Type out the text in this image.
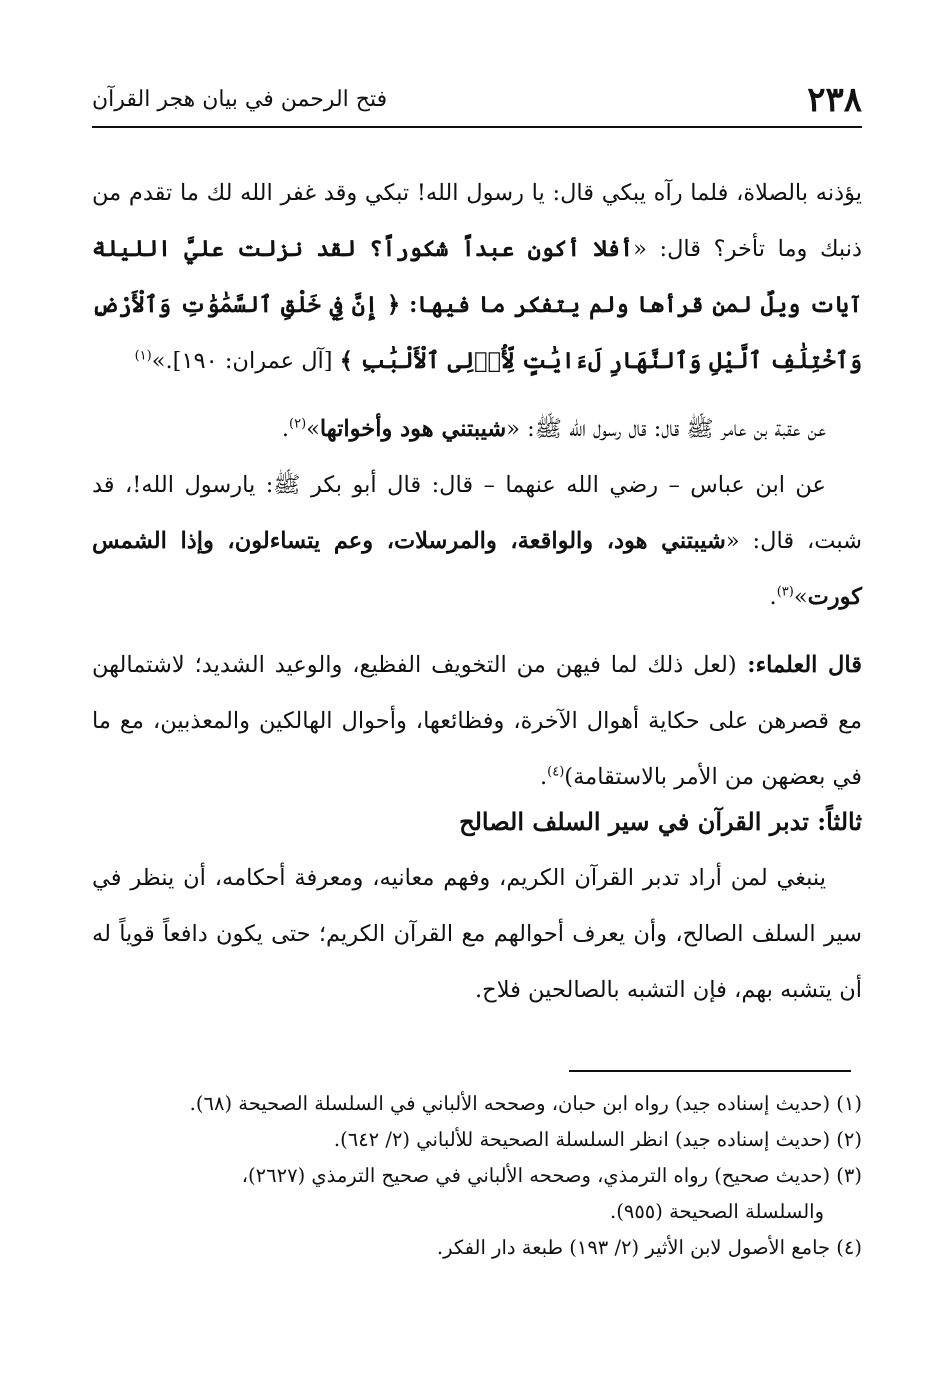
٢٣٨
فتح الرحمن في بيان هجر القرآن

يؤذنه بالصلاة، فلما رآه يبكي قال: يا رسول الله! تبكي وقد غفر الله لك ما تقدم من ذنبك وما تأخر؟ قال: «أفلا أكون عبداً شكوراً؟ لقد نزلت عليَّ الليلة آيات ويلٌ لمن قرأها ولم يتفكر ما فيها: ﴿ إِنَّ فِي خَلْقِ ٱلسَّمَٰوَٰتِ وَٱلْأَرْضِ وَٱخْتِلَٰفِ ٱلَّيْلِ وَٱلنَّهَارِ لَءَايَٰتٍ لِّأُو۟لِى ٱلْأَلْبَٰبِ ﴾ [آل عمران: ١٩٠].»$^{(١)}$

عن عقبة بن عامر ﷺ قال: قال رسول الله ﷺ: «شيبتني هود وأخواتها»$^{(٢)}$.

عن ابن عباس – رضي الله عنهما – قال: قال أبو بكر ﷺ: يارسول الله!، قد شبت، قال: «شيبتني هود، والواقعة، والمرسلات، وعم يتساءلون، وإذا الشمس كورت»$^{(٣)}$.

قال العلماء: (لعل ذلك لما فيهن من التخويف الفظيع، والوعيد الشديد؛ لاشتمالهن مع قصرهن على حكاية أهوال الآخرة، وفظائعها، وأحوال الهالكين والمعذبين، مع ما في بعضهن من الأمر بالاستقامة)$^{(٤)}$.

ثالثاً: تدبر القرآن في سير السلف الصالح

ينبغي لمن أراد تدبر القرآن الكريم، وفهم معانيه، ومعرفة أحكامه، أن ينظر في سير السلف الصالح، وأن يعرف أحوالهم مع القرآن الكريم؛ حتى يكون دافعاً قوياً له أن يتشبه بهم، فإن التشبه بالصالحين فلاح.

(١) (حديث إسناده جيد) رواه ابن حبان، وصححه الألباني في السلسلة الصحيحة (٦٨).

(٢) (حديث إسناده جيد) انظر السلسلة الصحيحة للألباني (٢/ ٦٤٢).

(٣) (حديث صحيح) رواه الترمذي، وصححه الألباني في صحيح الترمذي (٢٦٢٧)،
والسلسلة الصحيحة (٩٥٥).

(٤) جامع الأصول لابن الأثير (٢/ ١٩٣) طبعة دار الفكر.
